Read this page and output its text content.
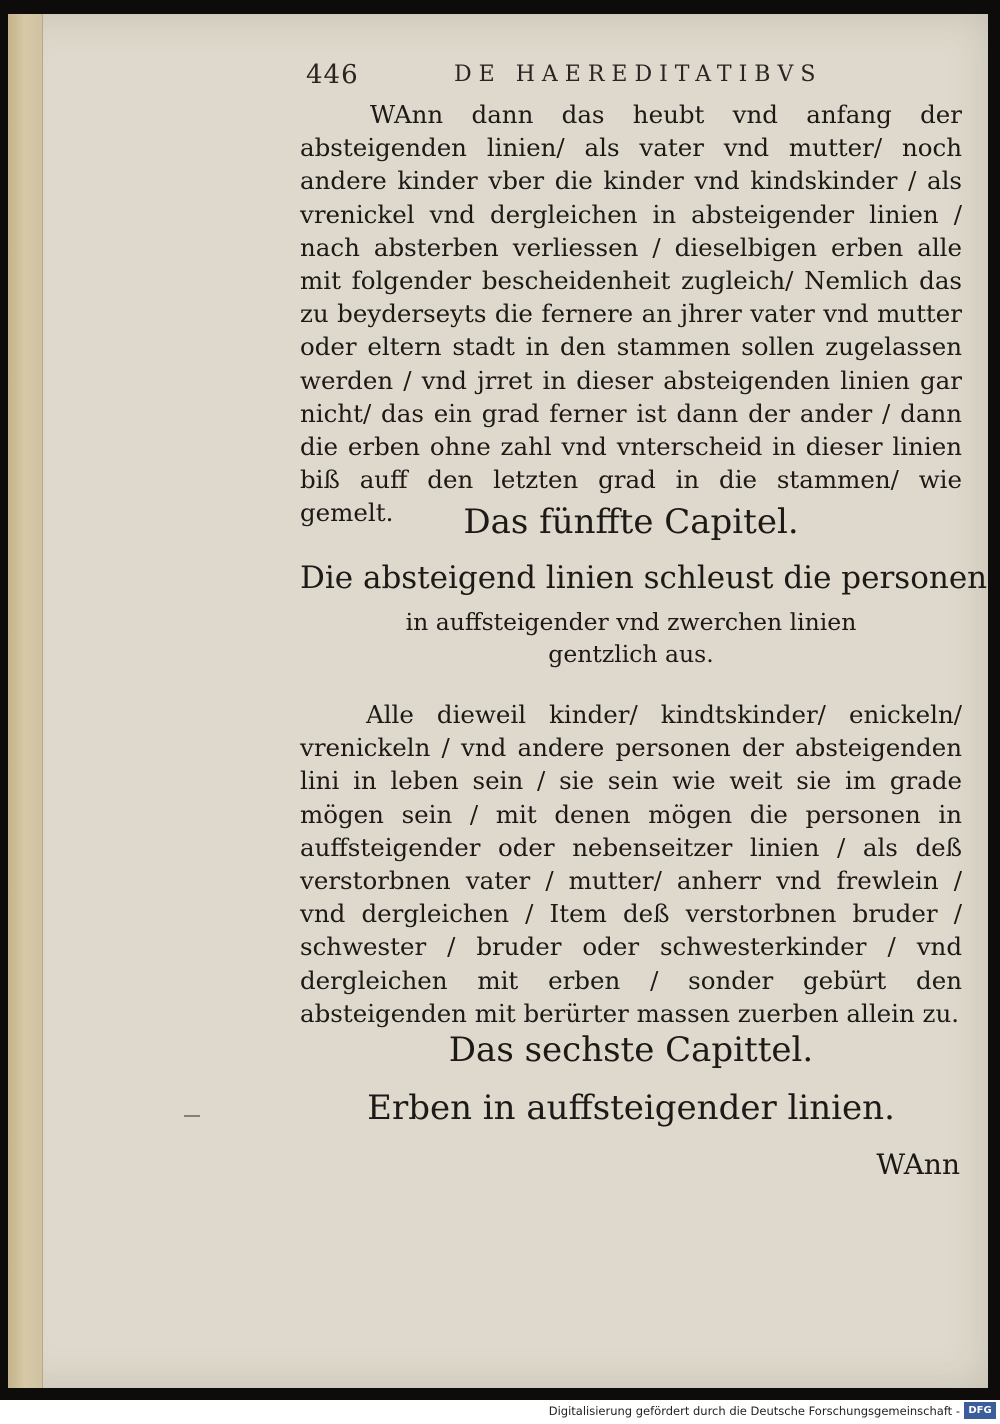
446	DE HAEREDITATIBVS

WAnn dann das heubt vnd anfang der absteigenden linien/ als vater vnd mutter/ noch andere kinder vber die kinder vnd kindskinder / als vrenickel vnd dergleichen in absteigender linien / nach absterben verliessen / dieselbigen erben alle mit folgender bescheidenheit zugleich/ Nemlich das zu beyderseyts die fernere an jhrer vater vnd mutter oder eltern stadt in den stammen sollen zugelassen werden / vnd jrret in dieser absteigenden linien gar nicht/ das ein grad ferner ist dann der ander / dann die erben ohne zahl vnd vnterscheid in dieser linien biß auff den letzten grad in die stammen/ wie gemelt.	Das fünffte Capitel.
Die absteigend linien schleust die personen
in auffsteigender vnd zwerchen linien
gentzlich aus.

Alle dieweil kinder/ kindtskinder/ enickeln/ vrenickeln / vnd andere personen der absteigenden lini in leben sein / sie sein wie weit sie im grade mögen sein / mit denen mögen die personen in auffsteigender oder nebenseitzer linien / als deß verstorbnen vater / mutter/ anherr vnd frewlein / vnd dergleichen / Item deß verstorbnen bruder / schwester / bruder oder schwesterkinder / vnd dergleichen mit erben / sonder gebürt den absteigenden mit berürter massen zuerben allein zu.

Das sechste Capittel.
Erben in auffsteigender linien.
WAnn
Digitalisierung gefördert durch die Deutsche Forschungsgemeinschaft - DFG
